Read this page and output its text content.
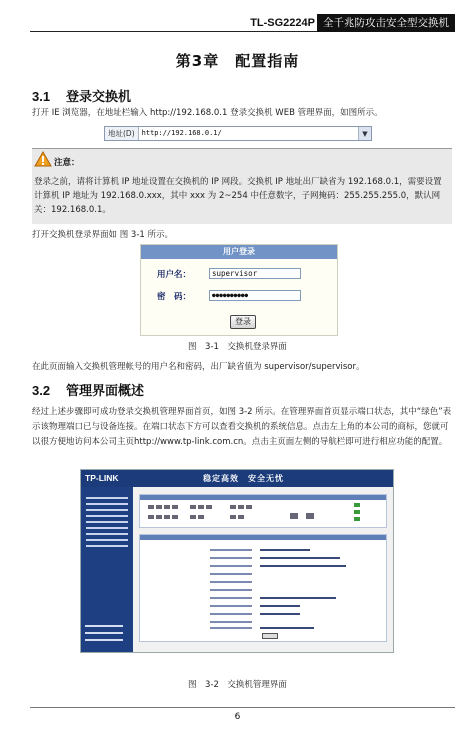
TL-SG2224P 全千兆防攻击安全型交换机
第3章　配置指南
3.1 登录交换机
打开 IE 浏览器，在地址栏输入 http://192.168.0.1 登录交换机 WEB 管理界面，如图所示。
地址(D)	http://192.168.0.1/	▼
注意：
登录之前，请将计算机 IP 地址设置在交换机的 IP 网段。交换机 IP 地址出厂缺省为 192.168.0.1，需要设置计算机 IP 地址为 192.168.0.xxx，其中 xxx 为 2~254 中任意数字，子网掩码：255.255.255.0，默认网关：192.168.0.1。
打开交换机登录界面如 图 3-1 所示。
用户登录
用户名：	supervisor
密　码：	●●●●●●●●●●
登录
图　3-1　交换机登录界面
在此页面输入交换机管理帐号的用户名和密码，出厂缺省值为 supervisor/supervisor。
3.2 管理界面概述
经过上述步骤即可成功登录交换机管理界面首页，如图 3-2 所示。在管理界面首页显示端口状态，其中“绿色”表示该物理端口已与设备连接。在端口状态下方可以查看交换机的系统信息。点击左上角的本公司的商标，您就可以很方便地访问本公司主页http://www.tp-link.com.cn。点击主页面左侧的导航栏即可进行相应功能的配置。
TP-LINK	稳定高效　安全无忧
图　3-2　交换机管理界面
6
